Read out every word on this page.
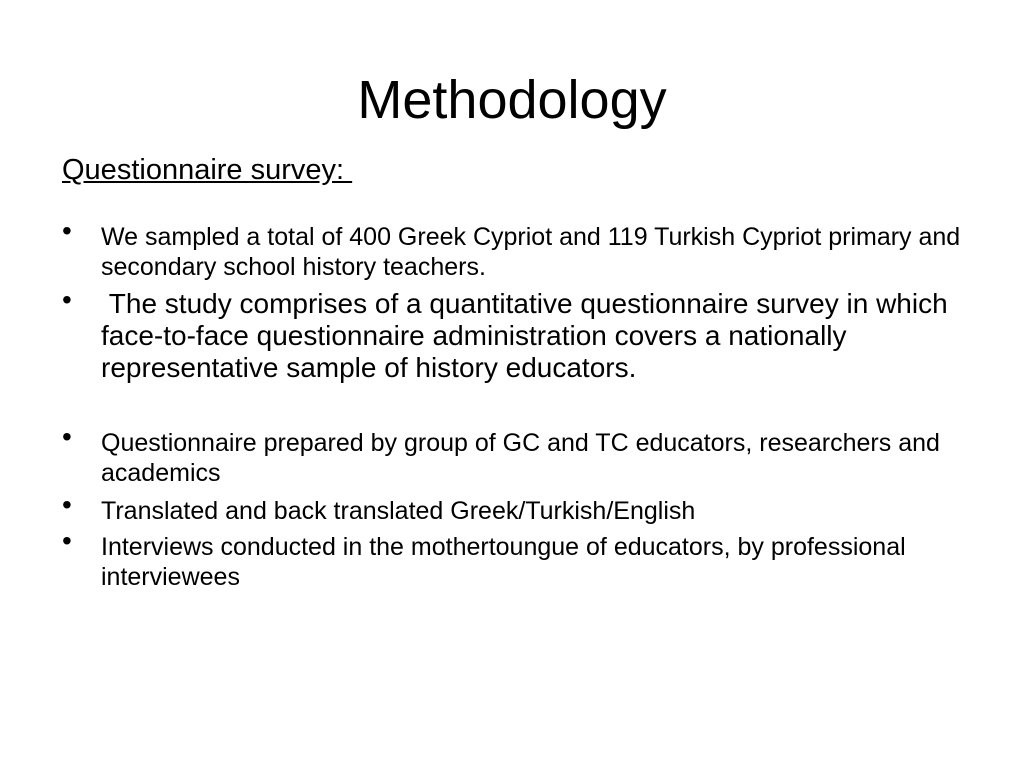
Methodology
Questionnaire survey:
• We sampled a total of 400 Greek Cypriot and 119 Turkish Cypriot primary and secondary school history teachers.
• The study comprises of a quantitative questionnaire survey in which face-to-face questionnaire administration covers a nationally representative sample of history educators.
• Questionnaire prepared by group of GC and TC educators, researchers and academics
• Translated and back translated Greek/Turkish/English
• Interviews conducted in the mothertoungue of educators, by professional interviewees
